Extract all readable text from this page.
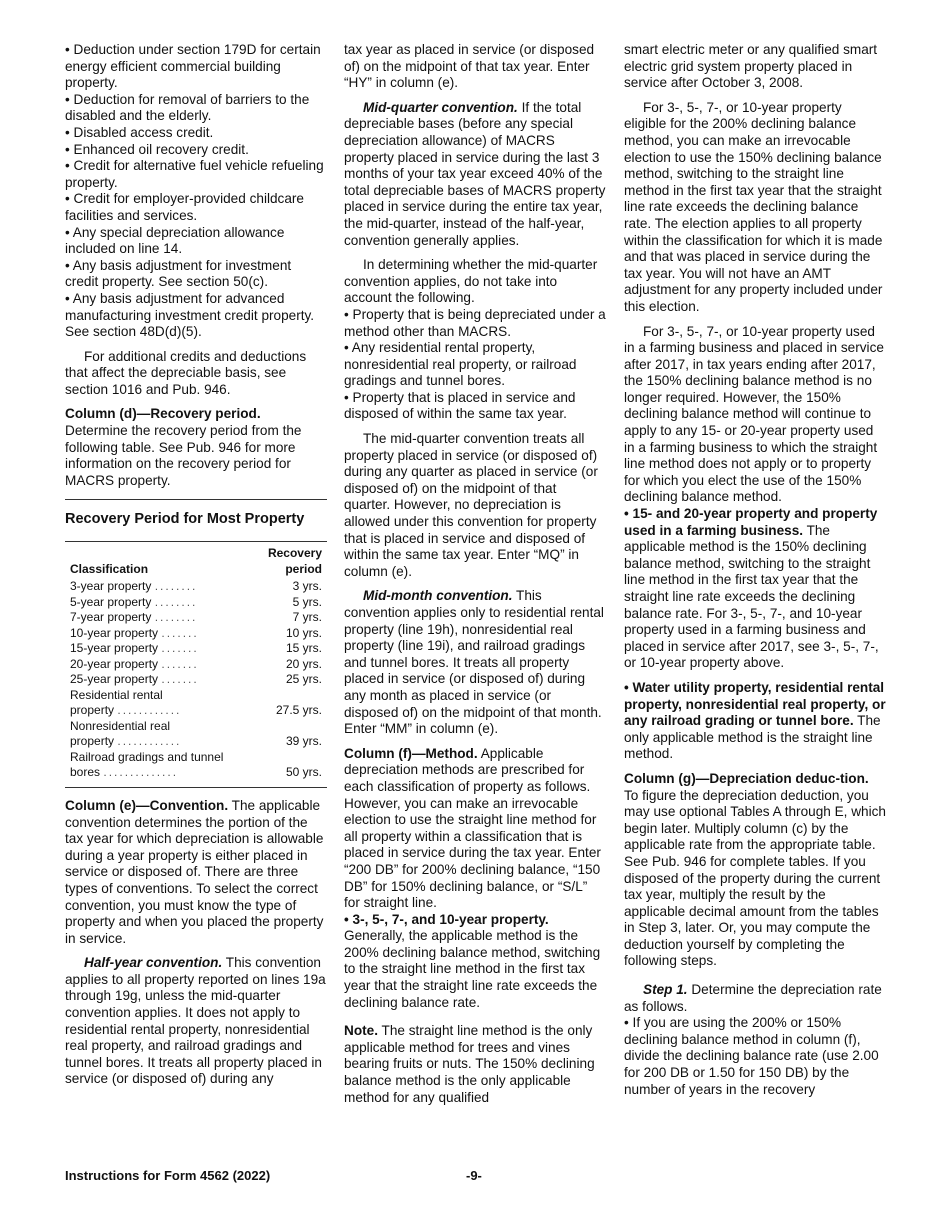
• Deduction under section 179D for certain energy efficient commercial building property.
• Deduction for removal of barriers to the disabled and the elderly.
• Disabled access credit.
• Enhanced oil recovery credit.
• Credit for alternative fuel vehicle refueling property.
• Credit for employer-provided childcare facilities and services.
• Any special depreciation allowance included on line 14.
• Any basis adjustment for investment credit property. See section 50(c).
• Any basis adjustment for advanced manufacturing investment credit property. See section 48D(d)(5).

For additional credits and deductions that affect the depreciable basis, see section 1016 and Pub. 946.

Column (d)—Recovery period.
Determine the recovery period from the following table. See Pub. 946 for more information on the recovery period for MACRS property.

Recovery Period for Most Property
Classification	Recovery period
3-year property ........	3 yrs.
5-year property ........	5 yrs.
7-year property ........	7 yrs.
10-year property .......	10 yrs.
15-year property .......	15 yrs.
20-year property .......	20 yrs.
25-year property .......	25 yrs.
Residential rental
property ............	27.5 yrs.
Nonresidential real
property ............	39 yrs.
Railroad gradings and tunnel
bores ..............	50 yrs.

Column (e)—Convention. The applicable convention determines the portion of the tax year for which depreciation is allowable during a year property is either placed in service or disposed of. There are three types of conventions. To select the correct convention, you must know the type of property and when you placed the property in service.

Half-year convention. This convention applies to all property reported on lines 19a through 19g, unless the mid-quarter convention applies. It does not apply to residential rental property, nonresidential real property, and railroad gradings and tunnel bores. It treats all property placed in service (or disposed of) during any

tax year as placed in service (or disposed of) on the midpoint of that tax year. Enter “HY” in column (e).

Mid-quarter convention. If the total depreciable bases (before any special depreciation allowance) of MACRS property placed in service during the last 3 months of your tax year exceed 40% of the total depreciable bases of MACRS property placed in service during the entire tax year, the mid-quarter, instead of the half-year, convention generally applies.

In determining whether the mid-quarter convention applies, do not take into account the following.

• Property that is being depreciated under a method other than MACRS.
• Any residential rental property, nonresidential real property, or railroad gradings and tunnel bores.
• Property that is placed in service and disposed of within the same tax year.

The mid-quarter convention treats all property placed in service (or disposed of) during any quarter as placed in service (or disposed of) on the midpoint of that quarter. However, no depreciation is allowed under this convention for property that is placed in service and disposed of within the same tax year. Enter “MQ” in column (e).

Mid-month convention. This convention applies only to residential rental property (line 19h), nonresidential real property (line 19i), and railroad gradings and tunnel bores. It treats all property placed in service (or disposed of) during any month as placed in service (or disposed of) on the midpoint of that month. Enter “MM” in column (e).

Column (f)—Method. Applicable depreciation methods are prescribed for each classification of property as follows. However, you can make an irrevocable election to use the straight line method for all property within a classification that is placed in service during the tax year. Enter “200 DB” for 200% declining balance, “150 DB” for 150% declining balance, or “S/L” for straight line.

• 3-, 5-, 7-, and 10-year property. Generally, the applicable method is the 200% declining balance method, switching to the straight line method in the first tax year that the straight line rate exceeds the declining balance rate.

Note. The straight line method is the only applicable method for trees and vines bearing fruits or nuts. The 150% declining balance method is the only applicable method for any qualified

smart electric meter or any qualified smart electric grid system property placed in service after October 3, 2008.

For 3-, 5-, 7-, or 10-year property eligible for the 200% declining balance method, you can make an irrevocable election to use the 150% declining balance method, switching to the straight line method in the first tax year that the straight line rate exceeds the declining balance rate. The election applies to all property within the classification for which it is made and that was placed in service during the tax year. You will not have an AMT adjustment for any property included under this election.

For 3-, 5-, 7-, or 10-year property used in a farming business and placed in service after 2017, in tax years ending after 2017, the 150% declining balance method is no longer required. However, the 150% declining balance method will continue to apply to any 15- or 20-year property used in a farming business to which the straight line method does not apply or to property for which you elect the use of the 150% declining balance method.

• 15- and 20-year property and property used in a farming business. The applicable method is the 150% declining balance method, switching to the straight line method in the first tax year that the straight line rate exceeds the declining balance rate. For 3-, 5-, 7-, and 10-year property used in a farming business and placed in service after 2017, see 3-, 5-, 7-, or 10-year property above.

• Water utility property, residential rental property, nonresidential real property, or any railroad grading or tunnel bore. The only applicable method is the straight line method.

Column (g)—Depreciation deduc-tion. To figure the depreciation deduction, you may use optional Tables A through E, which begin later. Multiply column (c) by the applicable rate from the appropriate table. See Pub. 946 for complete tables. If you disposed of the property during the current tax year, multiply the result by the applicable decimal amount from the tables in Step 3, later. Or, you may compute the deduction yourself by completing the following steps.

Step 1. Determine the depreciation rate as follows.

• If you are using the 200% or 150% declining balance method in column (f), divide the declining balance rate (use 2.00 for 200 DB or 1.50 for 150 DB) by the number of years in the recovery
Instructions for Form 4562 (2022)	-9-
